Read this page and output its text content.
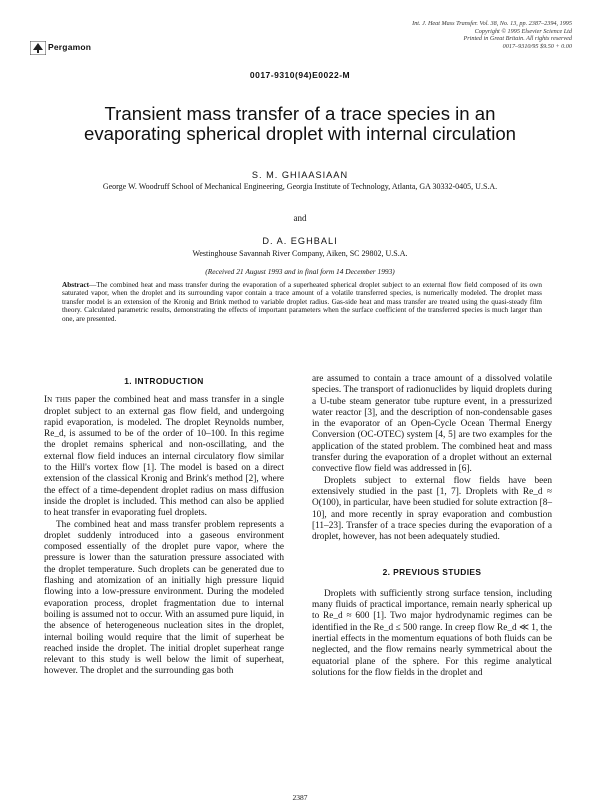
Pergamon
Int. J. Heat Mass Transfer. Vol. 38, No. 13, pp. 2387–2394, 1995
Copyright © 1995 Elsevier Science Ltd
Printed in Great Britain. All rights reserved
0017–9310/95 $9.50 + 0.00
0017-9310(94)E0022-M
Transient mass transfer of a trace species in an evaporating spherical droplet with internal circulation
S. M. GHIAASIAAN
George W. Woodruff School of Mechanical Engineering, Georgia Institute of Technology, Atlanta, GA 30332-0405, U.S.A.
and
D. A. EGHBALI
Westinghouse Savannah River Company, Aiken, SC 29802, U.S.A.
(Received 21 August 1993 and in final form 14 December 1993)
Abstract—The combined heat and mass transfer during the evaporation of a superheated spherical droplet subject to an external flow field composed of its own saturated vapor, when the droplet and its surrounding vapor contain a trace amount of a volatile transferred species, is numerically modeled. The droplet mass transfer model is an extension of the Kronig and Brink method to variable droplet radius. Gas-side heat and mass transfer are treated using the quasi-steady film theory. Calculated parametric results, demonstrating the effects of important parameters when the surface coefficient of the transferred species is much larger than one, are presented.
1. INTRODUCTION

In this paper the combined heat and mass transfer in a single droplet subject to an external gas flow field, and undergoing rapid evaporation, is modeled. The droplet Reynolds number, Re_d, is assumed to be of the order of 10–100. In this regime the droplet remains spherical and non-oscillating, and the external flow field induces an internal circulatory flow similar to the Hill's vortex flow [1]. The model is based on a direct extension of the classical Kronig and Brink's method [2], where the effect of a time-dependent droplet radius on mass diffusion inside the droplet is included. This method can also be applied to heat transfer in evaporating fuel droplets.

The combined heat and mass transfer problem represents a droplet suddenly introduced into a gaseous environment composed essentially of the droplet pure vapor, where the pressure is lower than the saturation pressure associated with the droplet temperature. Such droplets can be generated due to flashing and atomization of an initially high pressure liquid flowing into a low-pressure environment. During the modeled evaporation process, droplet fragmentation due to internal boiling is assumed not to occur. With an assumed pure liquid, in the absence of heterogeneous nucleation sites in the droplet, internal boiling would require that the limit of superheat be reached inside the droplet. The initial droplet superheat range relevant to this study is well below the limit of superheat, however. The droplet and the surrounding gas both

are assumed to contain a trace amount of a dissolved volatile species. The transport of radionuclides by liquid droplets during a U-tube steam generator tube rupture event, in a pressurized water reactor [3], and the description of non-condensable gases in the evaporator of an Open-Cycle Ocean Thermal Energy Conversion (OC-OTEC) system [4, 5] are two examples for the application of the stated problem. The combined heat and mass transfer during the evaporation of a droplet without an external convective flow field was addressed in [6].

Droplets subject to external flow fields have been extensively studied in the past [1, 7]. Droplets with Re_d ≈ O(100), in particular, have been studied for solute extraction [8–10], and more recently in spray evaporation and combustion [11–23]. Transfer of a trace species during the evaporation of a droplet, however, has not been adequately studied.

2. PREVIOUS STUDIES

Droplets with sufficiently strong surface tension, including many fluids of practical importance, remain nearly spherical up to Re_d ≈ 600 [1]. Two major hydrodynamic regimes can be identified in the Re_d ≤ 500 range. In creep flow Re_d ≪ 1, the inertial effects in the momentum equations of both fluids can be neglected, and the flow remains nearly symmetrical about the equatorial plane of the sphere. For this regime analytical solutions for the flow fields in the droplet and

2387
